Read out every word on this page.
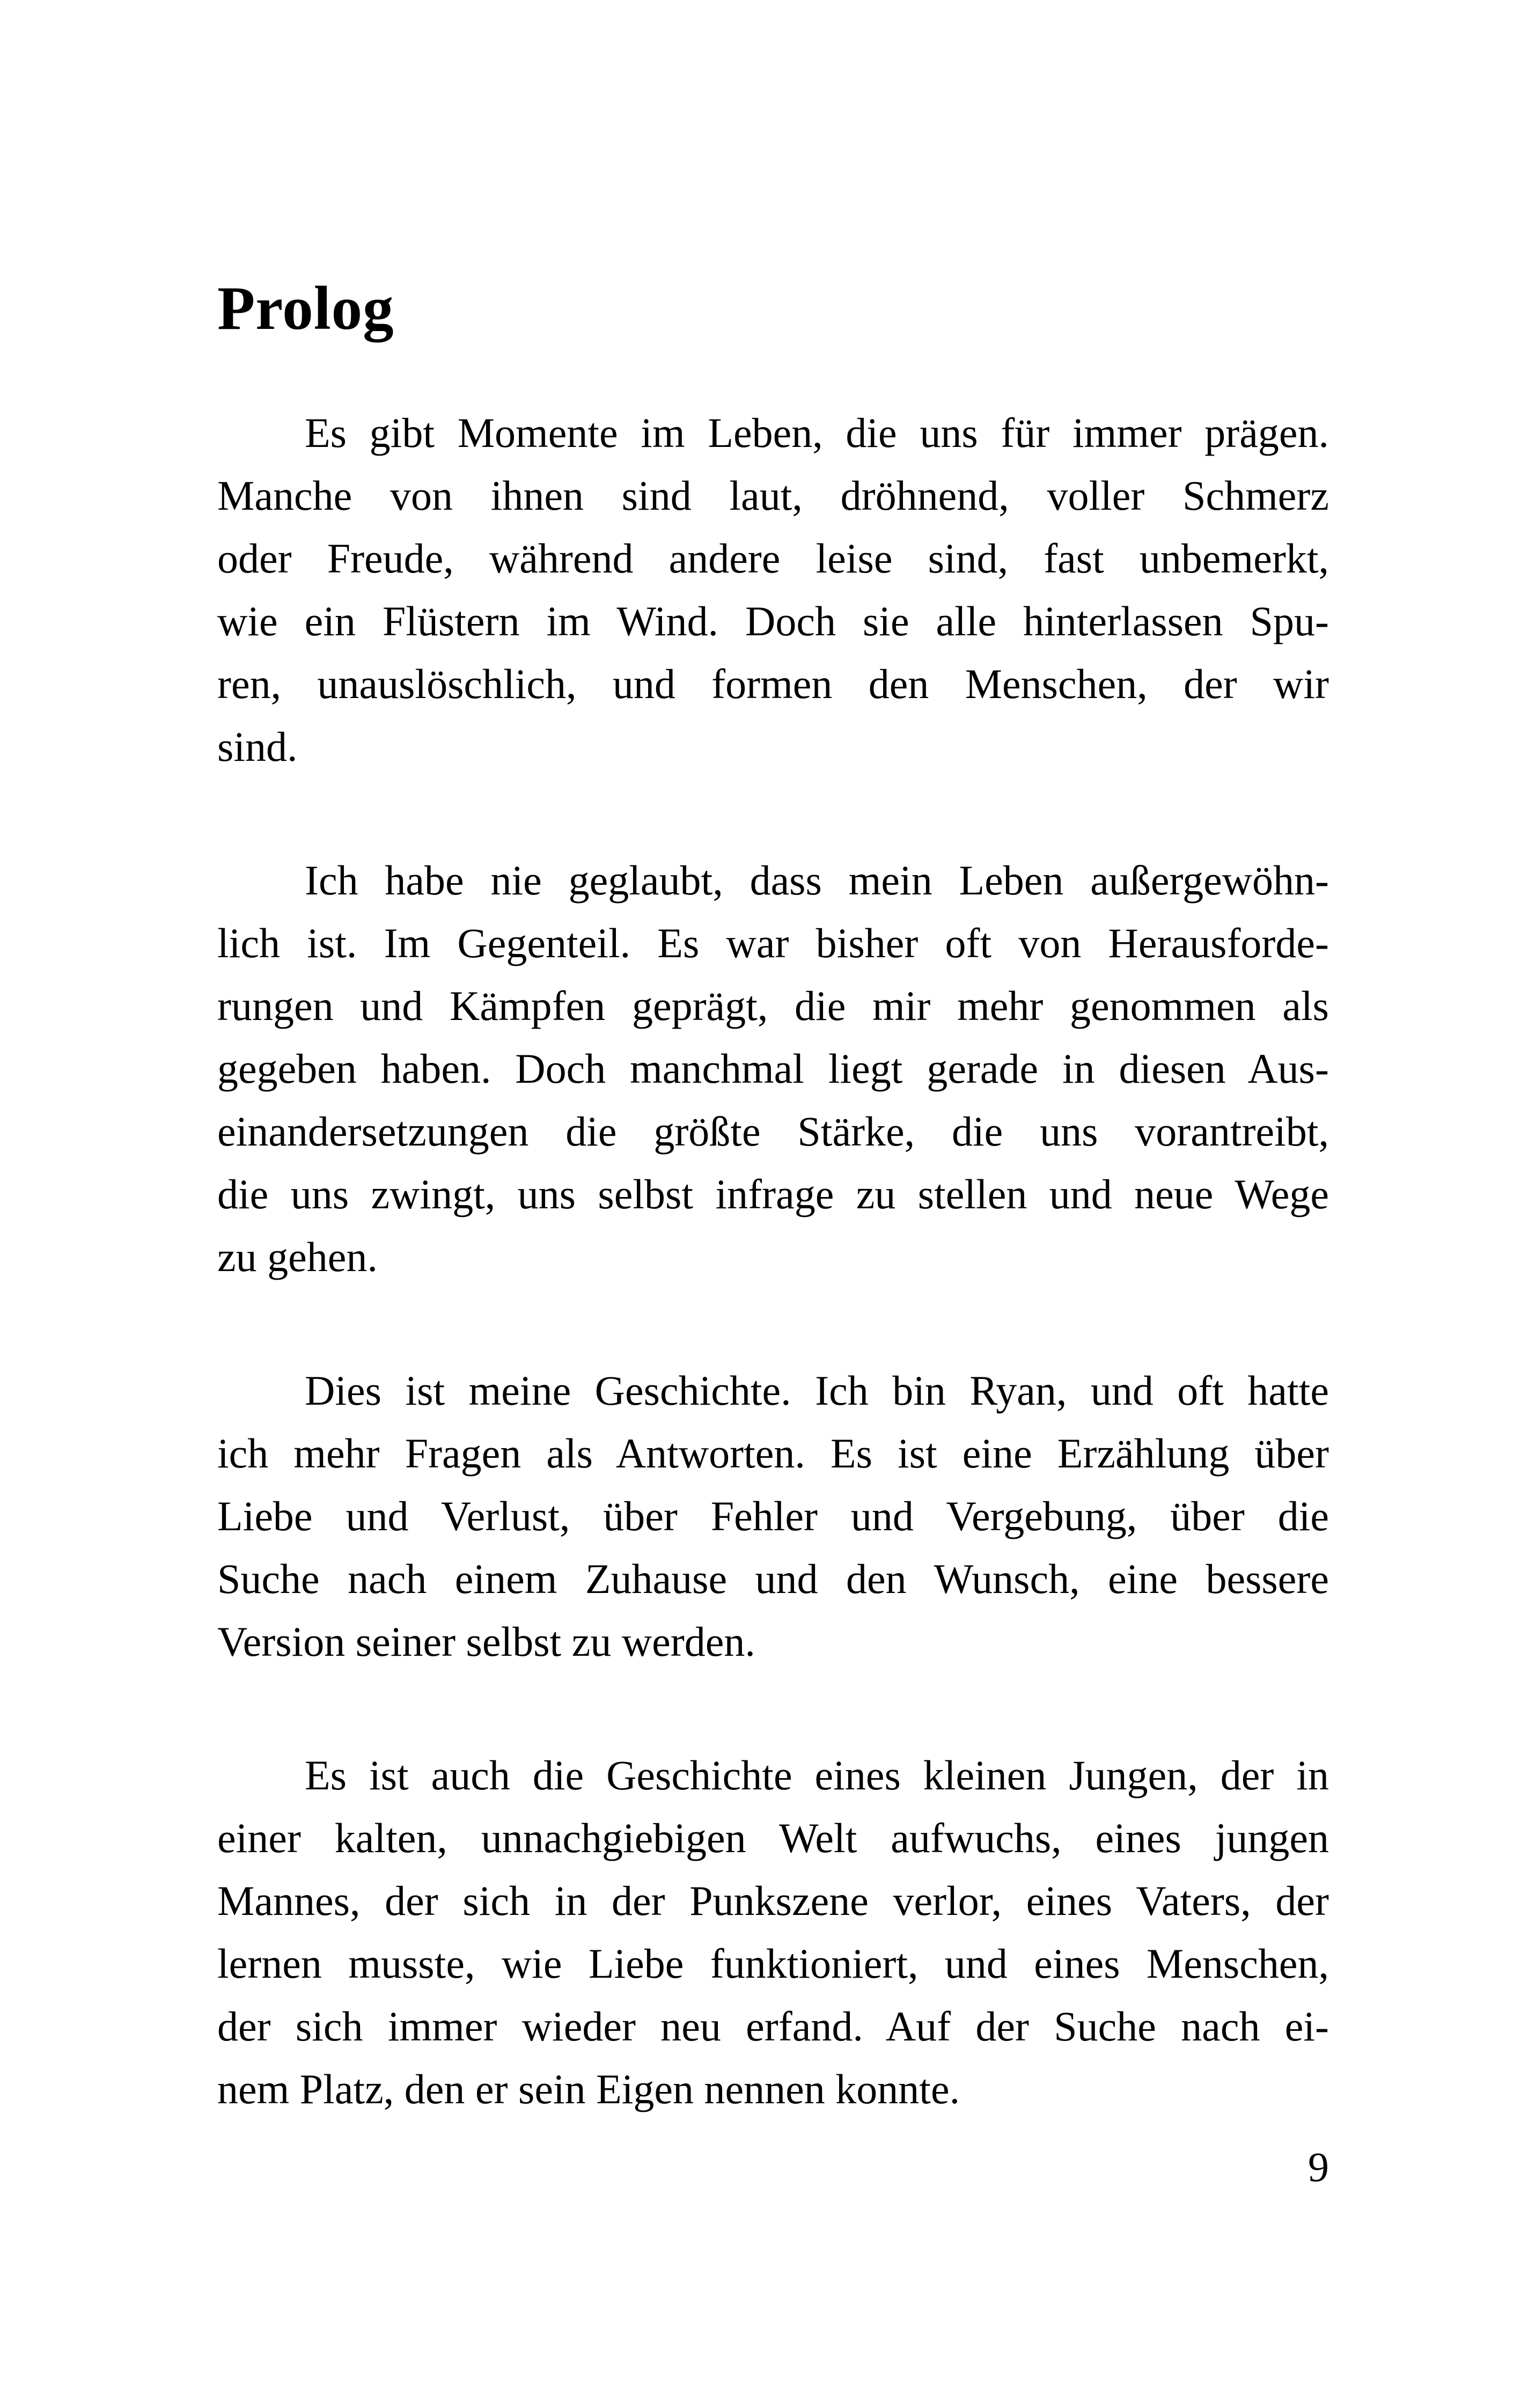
Prolog
Es gibt Momente im Leben, die uns für immer prägen.
Manche von ihnen sind laut, dröhnend, voller Schmerz
oder Freude, während andere leise sind, fast unbemerkt,
wie ein Flüstern im Wind. Doch sie alle hinterlassen Spu-
ren, unauslöschlich, und formen den Menschen, der wir
sind.
Ich habe nie geglaubt, dass mein Leben außergewöhn-
lich ist. Im Gegenteil. Es war bisher oft von Herausforde-
rungen und Kämpfen geprägt, die mir mehr genommen als
gegeben haben. Doch manchmal liegt gerade in diesen Aus-
einandersetzungen die größte Stärke, die uns vorantreibt,
die uns zwingt, uns selbst infrage zu stellen und neue Wege
zu gehen.
Dies ist meine Geschichte. Ich bin Ryan, und oft hatte
ich mehr Fragen als Antworten. Es ist eine Erzählung über
Liebe und Verlust, über Fehler und Vergebung, über die
Suche nach einem Zuhause und den Wunsch, eine bessere
Version seiner selbst zu werden.
Es ist auch die Geschichte eines kleinen Jungen, der in
einer kalten, unnachgiebigen Welt aufwuchs, eines jungen
Mannes, der sich in der Punkszene verlor, eines Vaters, der
lernen musste, wie Liebe funktioniert, und eines Menschen,
der sich immer wieder neu erfand. Auf der Suche nach ei-
nem Platz, den er sein Eigen nennen konnte.
9
